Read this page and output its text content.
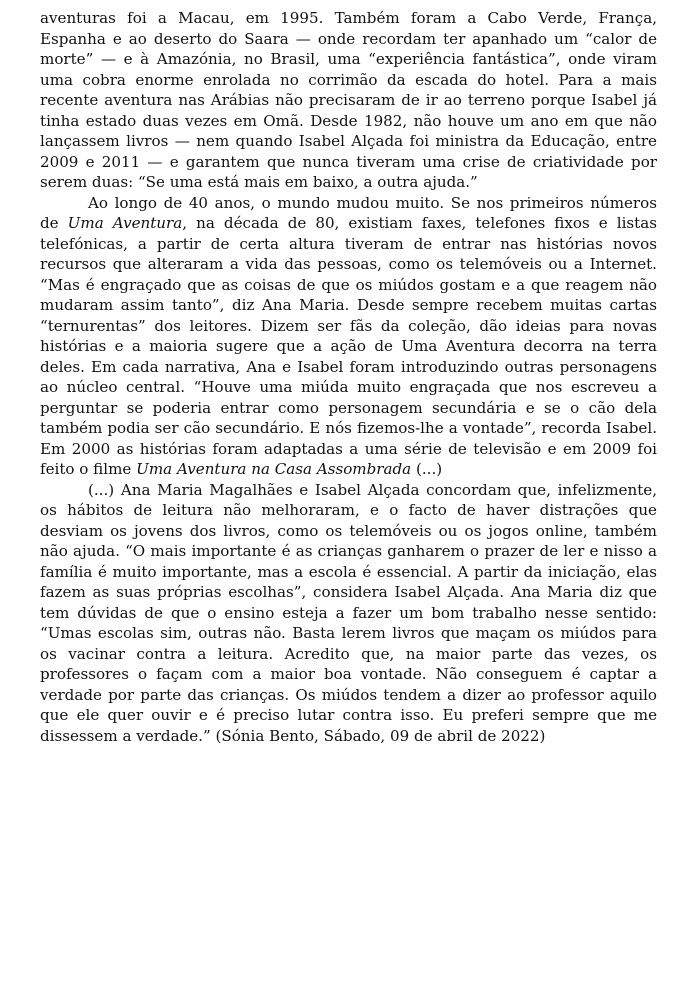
aventuras foi a Macau, em 1995. Também foram a Cabo Verde, França, Espanha e ao deserto do Saara — onde recordam ter apanhado um “calor de morte” — e à Amazónia, no Brasil, uma “experiência fantástica”, onde viram uma cobra enorme enrolada no corrimão da escada do hotel. Para a mais recente aventura nas Arábias não precisaram de ir ao terreno porque Isabel já tinha estado duas vezes em Omã. Desde 1982, não houve um ano em que não lançassem livros — nem quando Isabel Alçada foi ministra da Educação, entre 2009 e 2011 — e garantem que nunca tiveram uma crise de criatividade por serem duas: “Se uma está mais em baixo, a outra ajuda.”

Ao longo de 40 anos, o mundo mudou muito. Se nos primeiros números de Uma Aventura, na década de 80, existiam faxes, telefones fixos e listas telefónicas, a partir de certa altura tiveram de entrar nas histórias novos recursos que alteraram a vida das pessoas, como os telemóveis ou a Internet. “Mas é engraçado que as coisas de que os miúdos gostam e a que reagem não mudaram assim tanto”, diz Ana Maria. Desde sempre recebem muitas cartas “ternurentas” dos leitores. Dizem ser fãs da coleção, dão ideias para novas histórias e a maioria sugere que a ação de Uma Aventura decorra na terra deles. Em cada narrativa, Ana e Isabel foram introduzindo outras personagens ao núcleo central. “Houve uma miúda muito engraçada que nos escreveu a perguntar se poderia entrar como personagem secundária e se o cão dela também podia ser cão secundário. E nós fizemos-lhe a vontade”, recorda Isabel. Em 2000 as histórias foram adaptadas a uma série de televisão e em 2009 foi feito o filme Uma Aventura na Casa Assombrada (...)

(...) Ana Maria Magalhães e Isabel Alçada concordam que, infelizmente, os hábitos de leitura não melhoraram, e o facto de haver distrações que desviam os jovens dos livros, como os telemóveis ou os jogos online, também não ajuda. “O mais importante é as crianças ganharem o prazer de ler e nisso a família é muito importante, mas a escola é essencial. A partir da iniciação, elas fazem as suas próprias escolhas”, considera Isabel Alçada. Ana Maria diz que tem dúvidas de que o ensino esteja a fazer um bom trabalho nesse sentido: “Umas escolas sim, outras não. Basta lerem livros que maçam os miúdos para os vacinar contra a leitura. Acredito que, na maior parte das vezes, os professores o façam com a maior boa vontade. Não conseguem é captar a verdade por parte das crianças. Os miúdos tendem a dizer ao professor aquilo que ele quer ouvir e é preciso lutar contra isso. Eu preferi sempre que me dissessem a verdade.” (Sónia Bento, Sábado, 09 de abril de 2022)
